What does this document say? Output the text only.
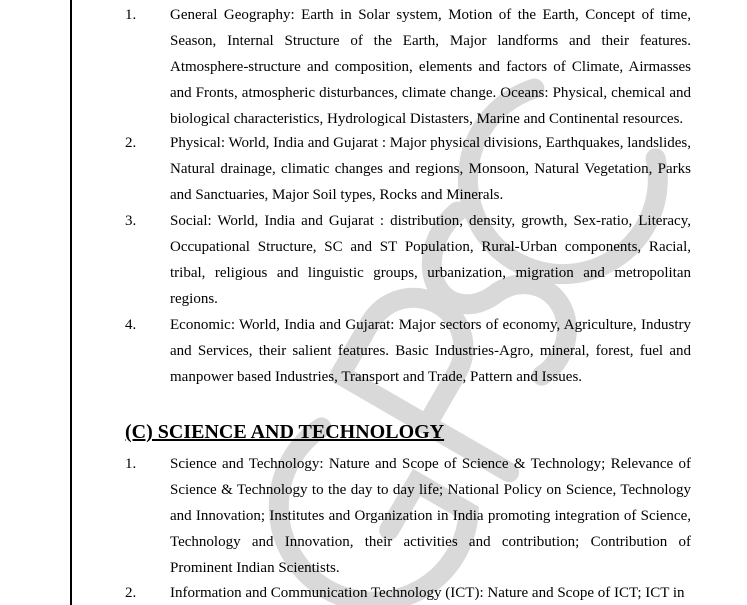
1. General Geography: Earth in Solar system, Motion of the Earth, Concept of time, Season, Internal Structure of the Earth, Major landforms and their features. Atmosphere-structure and composition, elements and factors of Climate, Airmasses and Fronts, atmospheric disturbances, climate change. Oceans: Physical, chemical and biological characteristics, Hydrological Distasters, Marine and Continental resources.
2. Physical: World, India and Gujarat : Major physical divisions, Earthquakes, landslides, Natural drainage, climatic changes and regions, Monsoon, Natural Vegetation, Parks and Sanctuaries, Major Soil types, Rocks and Minerals.
3. Social: World, India and Gujarat : distribution, density, growth, Sex-ratio, Literacy, Occupational Structure, SC and ST Population, Rural-Urban components, Racial, tribal, religious and linguistic groups, urbanization, migration and metropolitan regions.
4. Economic: World, India and Gujarat: Major sectors of economy, Agriculture, Industry and Services, their salient features. Basic Industries-Agro, mineral, forest, fuel and manpower based Industries, Transport and Trade, Pattern and Issues.
(C) SCIENCE AND TECHNOLOGY
1. Science and Technology: Nature and Scope of Science & Technology; Relevance of Science & Technology to the day to day life; National Policy on Science, Technology and Innovation; Institutes and Organization in India promoting integration of Science, Technology and Innovation, their activities and contribution; Contribution of Prominent Indian Scientists.
2. Information and Communication Technology (ICT): Nature and Scope of ICT; ICT in
